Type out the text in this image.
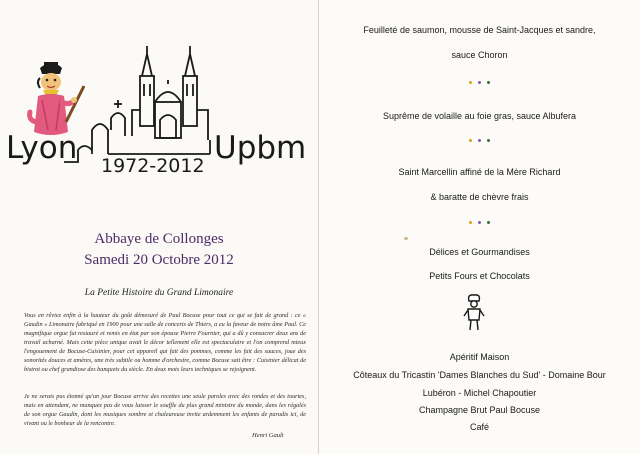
Lyon	Upbm
1972-2012
Abbaye de Collonges
Samedi 20 Octobre 2012
La Petite Histoire du Grand Limonaire
Vous en rêviez enfin à la hauteur du goût démesuré de Paul Bocuse pour tout ce qui se fait de grand : ce « Gaudin » Limonaire fabriqué en 1900 pour une salle de concerts de Thiers, a eu la faveur de notre âme Paul. Ce magnifique orgue fut restauré et remis en état par son épouse Pierre Fournier, qui a dû y consacrer deux ans de travail acharné. Mais cette pièce unique avait le décor tellement elle est spectaculaire et l'on comprend mieux l'engouement de Bocuse-Cuisinier, pour cet appareil qui fait des pommes, comme les fait des sauces, joue des sonorités douces et amères, une très subtile ou homme d'orchestre, comme Bocuse sait être : Cuisinier délicat de bistrot ou chef grandiose des banquets du siècle. En deux mots leurs techniques se rejoignent.
Je ne serais pas étonné qu'un jour Bocuse arrive des recettes une seule paroles avec des rondes et des tourtes, mais en attendant, ne manquez pas de vous laisser le souffle du plus grand ministre du monde, dans les régalés de son orgue Gaudin, dont les musiques sombre et chaleureuse invite ardemment les enfants de paradis ici, de vivant ou le bonheur de la rencontre.
Henri Gault
Feuilleté de saumon, mousse de Saint-Jacques et sandre,
sauce Choron
Suprême de volaille au foie gras, sauce Albufera
Saint Marcellin affiné de la Mère Richard
& baratte de chèvre frais
Délices et Gourmandises
Petits Fours et Chocolats
Apéritif Maison
Côteaux du Tricastin 'Dames Blanches du Sud' - Domaine Bour
Lubéron - Michel Chapoutier
Champagne Brut Paul Bocuse
Café
